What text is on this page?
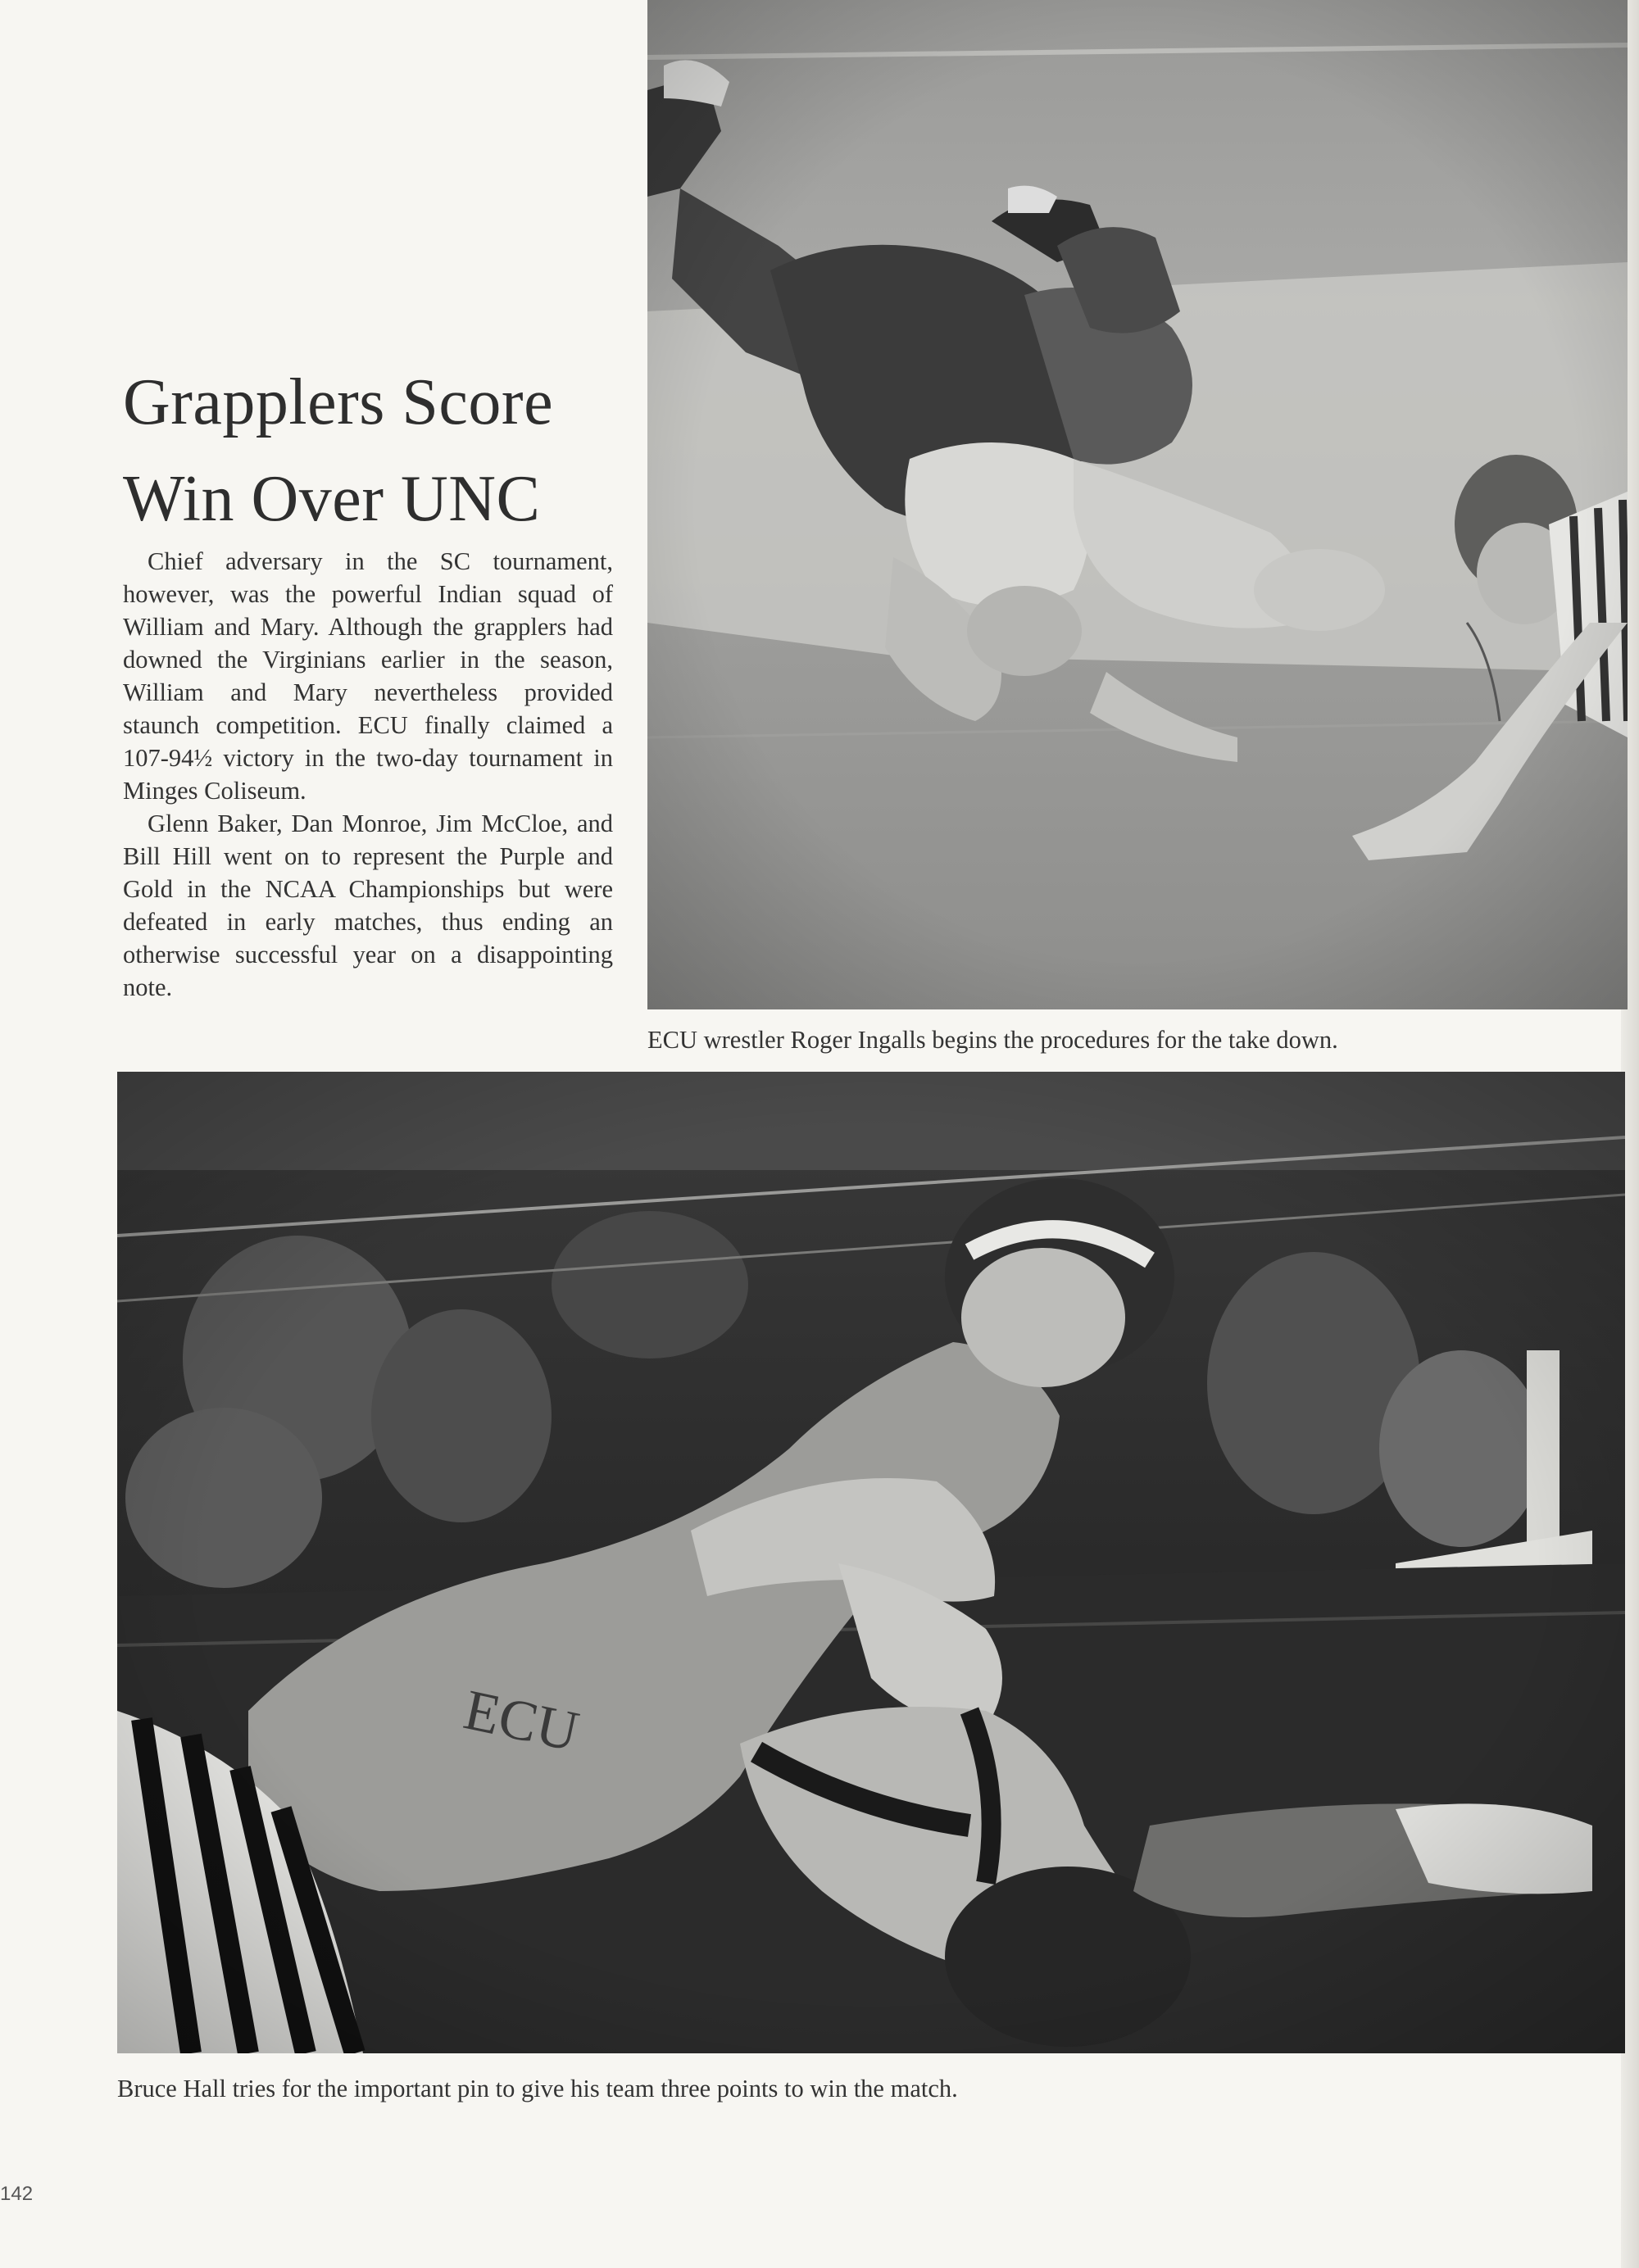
Grapplers Score
Win Over UNC

Chief adversary in the SC tournament, however, was the powerful Indian squad of William and Mary. Although the grapplers had downed the Virginians earlier in the season, William and Mary nevertheless provided staunch competition. ECU finally claimed a 107-94½ victory in the two-day tournament in Minges Coliseum.

Glenn Baker, Dan Monroe, Jim McCloe, and Bill Hill went on to represent the Purple and Gold in the NCAA Championships but were defeated in early matches, thus ending an otherwise successful year on a disappointing note.

ECU wrestler Roger Ingalls begins the procedures for the take down.
Bruce Hall tries for the important pin to give his team three points to win the match.
142
